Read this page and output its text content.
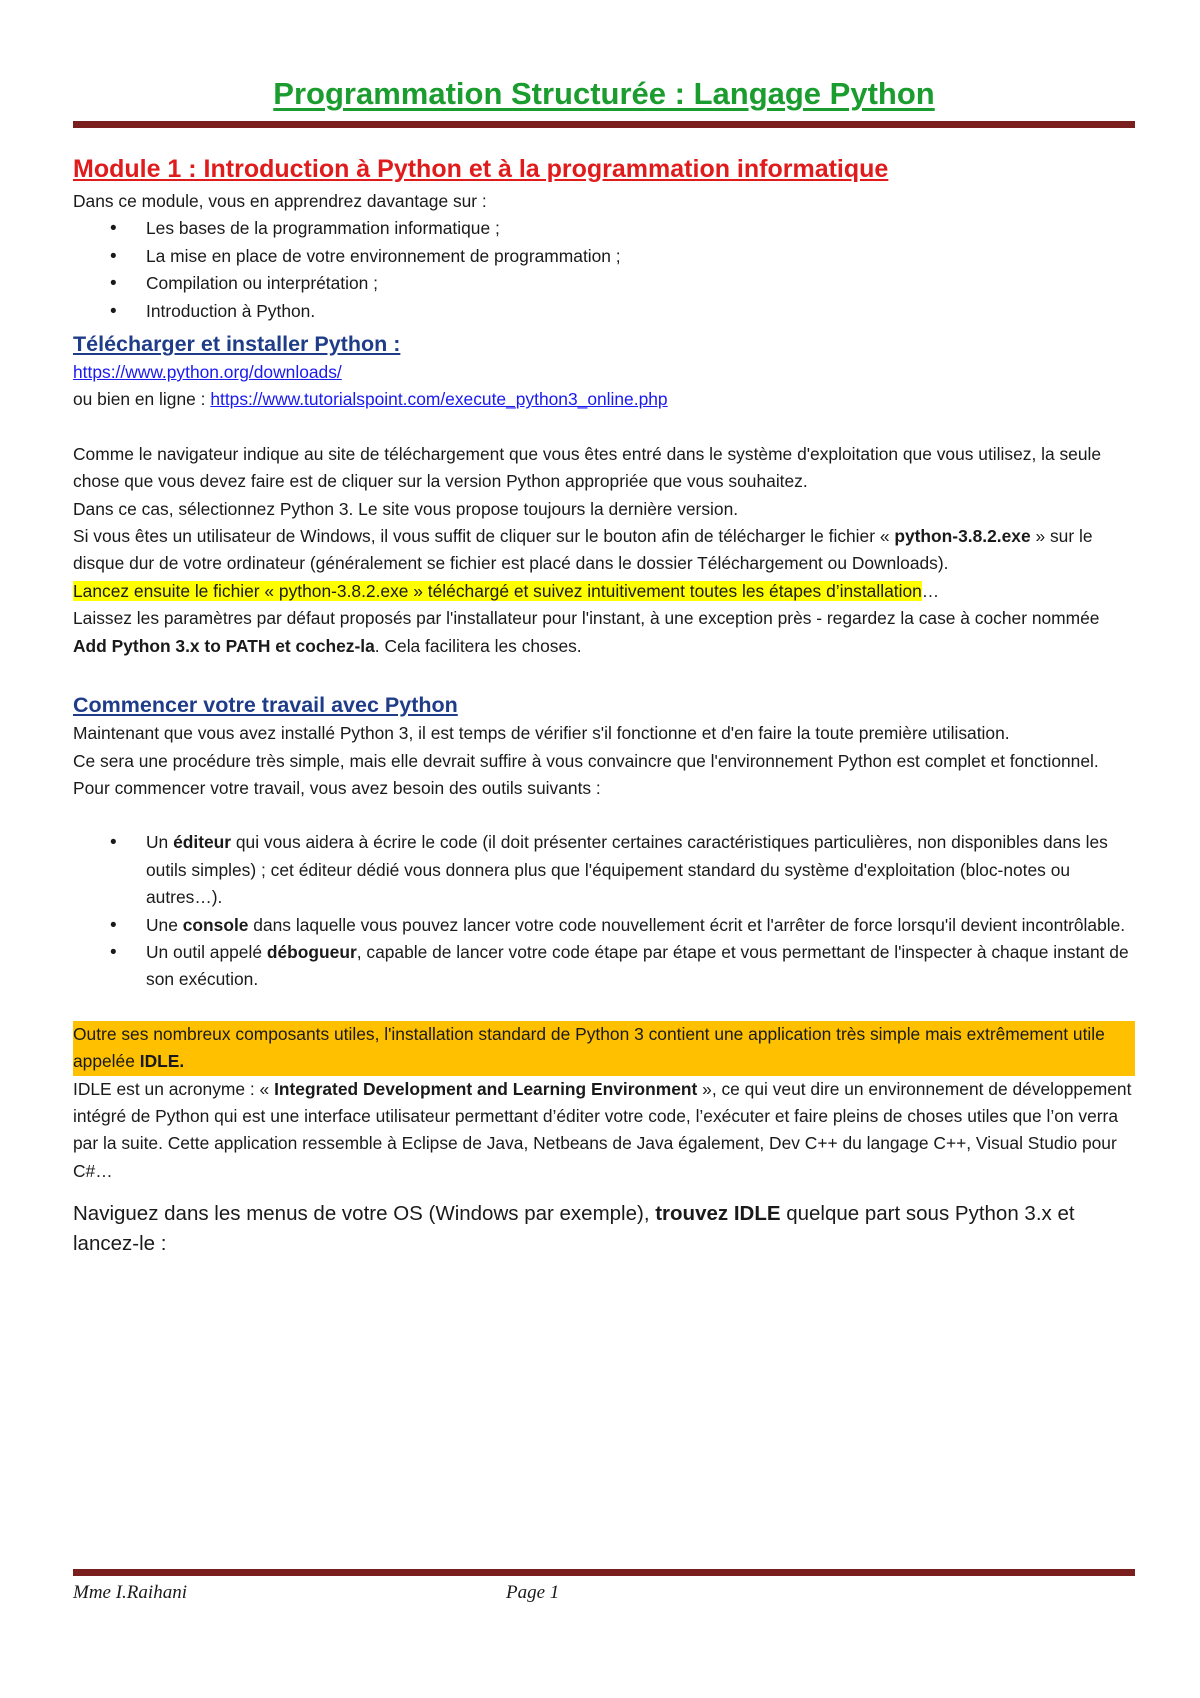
Programmation Structurée : Langage Python
Module 1 : Introduction à Python et à la programmation informatique

Dans ce module, vous en apprendrez davantage sur :

• Les bases de la programmation informatique ;
• La mise en place de votre environnement de programmation ;
• Compilation ou interprétation ;
• Introduction à Python.
Télécharger et installer Python :

https://www.python.org/downloads/

ou bien en ligne : https://www.tutorialspoint.com/execute_python3_online.php

Comme le navigateur indique au site de téléchargement que vous êtes entré dans le système d'exploitation que vous utilisez, la seule chose que vous devez faire est de cliquer sur la version Python appropriée que vous souhaitez.

Dans ce cas, sélectionnez Python 3. Le site vous propose toujours la dernière version.

Si vous êtes un utilisateur de Windows, il vous suffit de cliquer sur le bouton afin de télécharger le fichier « python-3.8.2.exe » sur le disque dur de votre ordinateur (généralement se fichier est placé dans le dossier Téléchargement ou Downloads).

Lancez ensuite le fichier « python-3.8.2.exe » téléchargé et suivez intuitivement toutes les étapes d’installation…

Laissez les paramètres par défaut proposés par l'installateur pour l'instant, à une exception près - regardez la case à cocher nommée Add Python 3.x to PATH et cochez-la. Cela facilitera les choses.

Commencer votre travail avec Python

Maintenant que vous avez installé Python 3, il est temps de vérifier s'il fonctionne et d'en faire la toute première utilisation.

Ce sera une procédure très simple, mais elle devrait suffire à vous convaincre que l'environnement Python est complet et fonctionnel.

Pour commencer votre travail, vous avez besoin des outils suivants :

• Un éditeur qui vous aidera à écrire le code (il doit présenter certaines caractéristiques particulières, non disponibles dans les outils simples) ; cet éditeur dédié vous donnera plus que l'équipement standard du système d'exploitation (bloc-notes ou autres…).
• Une console dans laquelle vous pouvez lancer votre code nouvellement écrit et l'arrêter de force lorsqu'il devient incontrôlable.
• Un outil appelé débogueur, capable de lancer votre code étape par étape et vous permettant de l'inspecter à chaque instant de son exécution.

Outre ses nombreux composants utiles, l'installation standard de Python 3 contient une application très simple mais extrêmement utile appelée IDLE.

IDLE est un acronyme : « Integrated Development and Learning Environment », ce qui veut dire un environnement de développement intégré de Python qui est une interface utilisateur permettant d’éditer votre code, l’exécuter et faire pleins de choses utiles que l’on verra par la suite. Cette application ressemble à Eclipse de Java, Netbeans de Java également, Dev C++ du langage C++, Visual Studio pour C#…

Naviguez dans les menus de votre OS (Windows par exemple), trouvez IDLE quelque part sous Python 3.x et lancez-le :

Mme I.Raihani	Page 1
